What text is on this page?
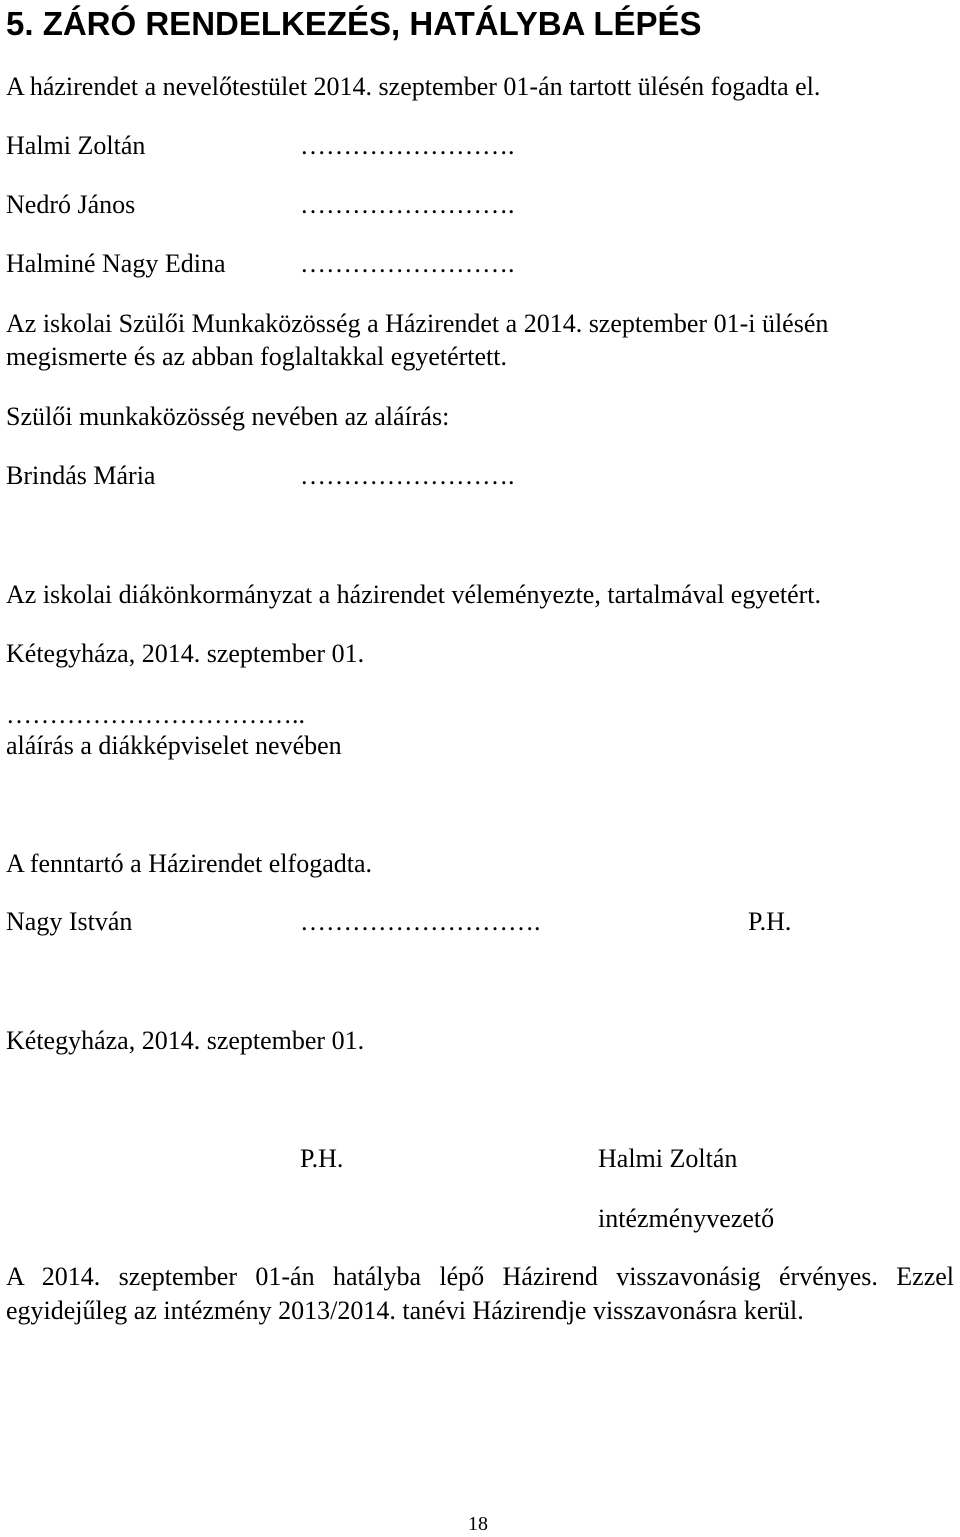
5. ZÁRÓ RENDELKEZÉS, HATÁLYBA LÉPÉS

A házirendet a nevelőtestület 2014. szeptember 01-án tartott ülésén fogadta el.

Halmi Zoltán	…………………….

Nedró János	…………………….

Halminé Nagy Edina	…………………….

Az iskolai Szülői Munkaközösség a Házirendet a 2014. szeptember 01-i ülésén

megismerte és az abban foglaltakkal egyetértett.

Szülői munkaközösség nevében az aláírás:

Brindás Mária	…………………….

Az iskolai diákönkormányzat a házirendet véleményezte, tartalmával egyetért.

Kétegyháza, 2014. szeptember 01.

……………………………..

aláírás a diákképviselet nevében

A fenntartó a Házirendet elfogadta.

Nagy István	……………………….	P.H.

Kétegyháza, 2014. szeptember 01.

P.H.	Halmi Zoltán

intézményvezető

A 2014. szeptember 01-án hatályba lépő Házirend visszavonásig érvényes. Ezzel egyidejűleg az intézmény 2013/2014. tanévi Házirendje visszavonásra kerül.

18
